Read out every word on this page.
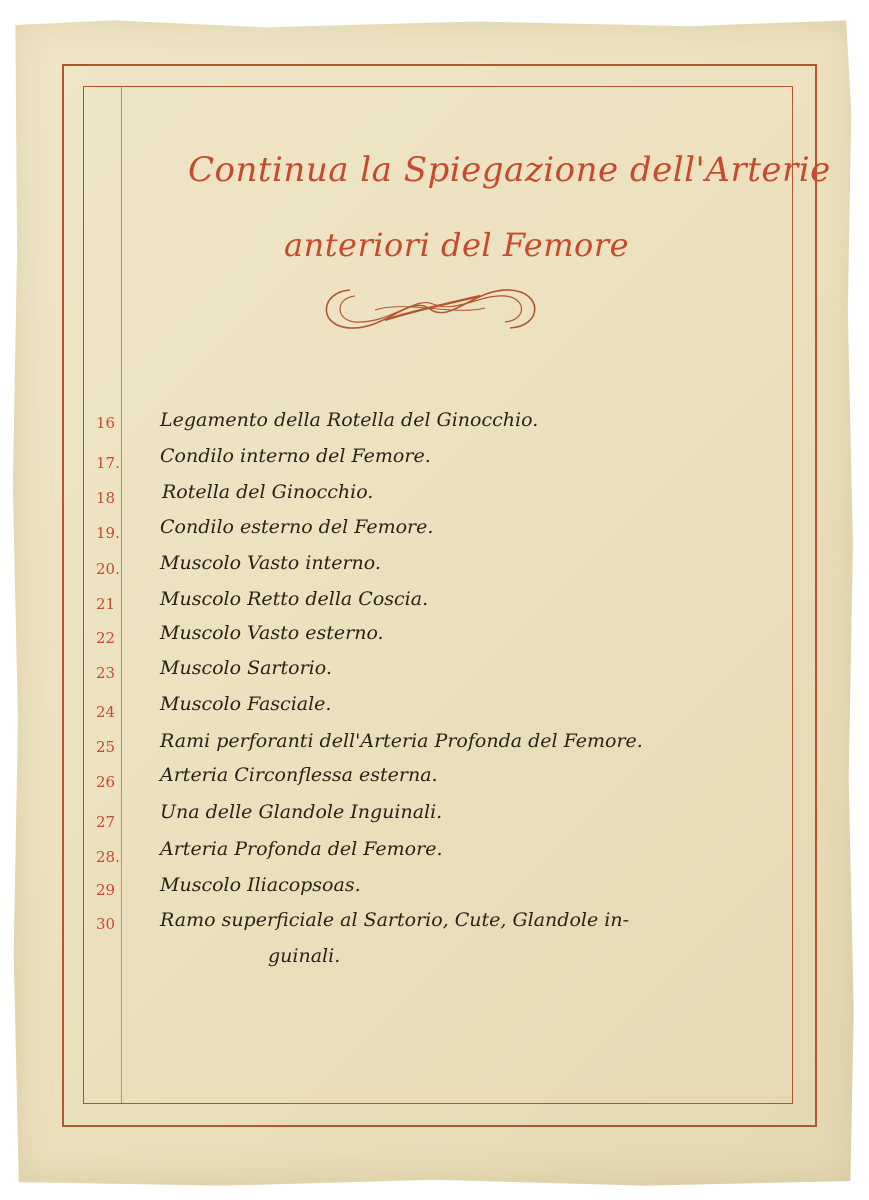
Continua la Spiegazione dell'Arterie
anteriori del Femore
16 Legamento della Rotella del Ginocchio.
17. Condilo interno del Femore.
18 Rotella del Ginocchio.
19. Condilo esterno del Femore.
20. Muscolo Vasto interno.
21 Muscolo Retto della Coscia.
22 Muscolo Vasto esterno.
23 Muscolo Sartorio.
24 Muscolo Fasciale.
25 Rami perforanti dell'Arteria Profonda del Femore.
26 Arteria Circonflessa esterna.
27 Una delle Glandole Inguinali.
28. Arteria Profonda del Femore.
29 Muscolo Iliacopsoas.
30 Ramo superficiale al Sartorio, Cute, Glandole in-
guinali.
